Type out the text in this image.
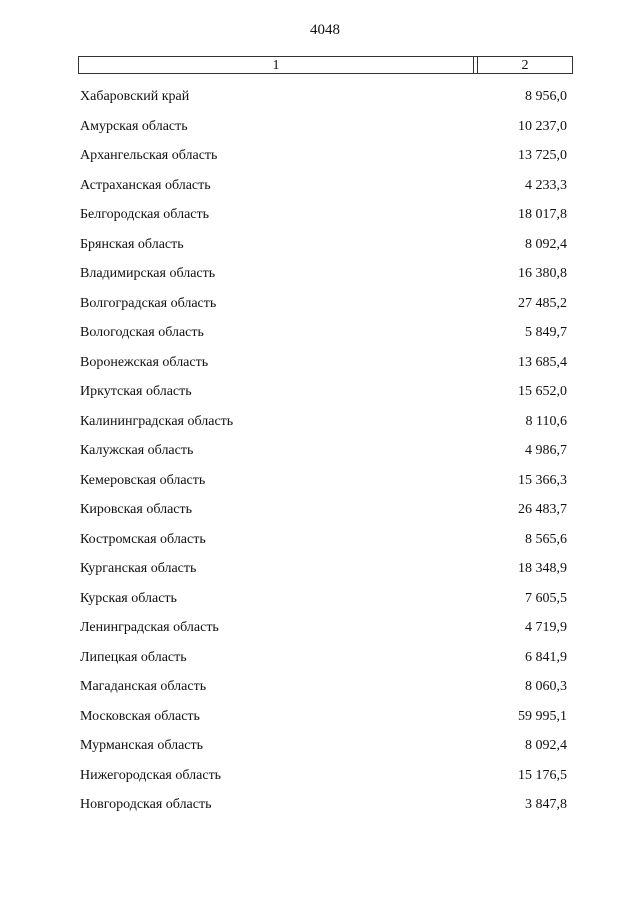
4048
1	2
Хабаровский край	8 956,0
Амурская область	10 237,0
Архангельская область	13 725,0
Астраханская область	4 233,3
Белгородская область	18 017,8
Брянская область	8 092,4
Владимирская область	16 380,8
Волгоградская область	27 485,2
Вологодская область	5 849,7
Воронежская область	13 685,4
Иркутская область	15 652,0
Калининградская область	8 110,6
Калужская область	4 986,7
Кемеровская область	15 366,3
Кировская область	26 483,7
Костромская область	8 565,6
Курганская область	18 348,9
Курская область	7 605,5
Ленинградская область	4 719,9
Липецкая область	6 841,9
Магаданская область	8 060,3
Московская область	59 995,1
Мурманская область	8 092,4
Нижегородская область	15 176,5
Новгородская область	3 847,8
